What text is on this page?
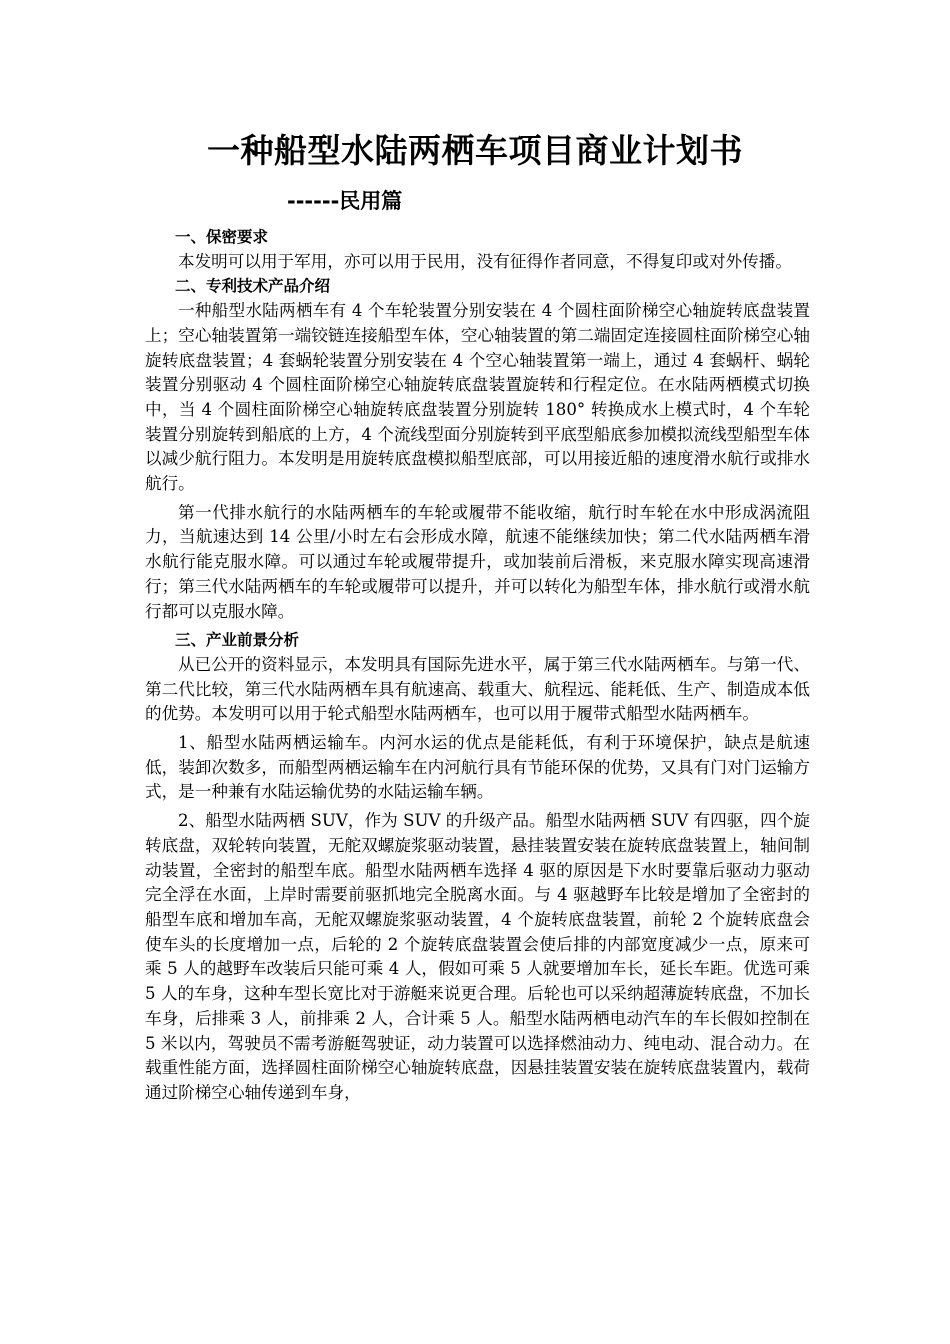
一种船型水陆两栖车项目商业计划书
------民用篇
一、保密要求

本发明可以用于军用，亦可以用于民用，没有征得作者同意，不得复印或对外传播。

二、专利技术产品介绍

一种船型水陆两栖车有 4 个车轮装置分别安装在 4 个圆柱面阶梯空心轴旋转底盘装置上；空心轴装置第一端铰链连接船型车体，空心轴装置的第二端固定连接圆柱面阶梯空心轴旋转底盘装置；4 套蜗轮装置分别安装在 4 个空心轴装置第一端上，通过 4 套蜗杆、蜗轮装置分别驱动 4 个圆柱面阶梯空心轴旋转底盘装置旋转和行程定位。在水陆两栖模式切换中，当 4 个圆柱面阶梯空心轴旋转底盘装置分别旋转 180° 转换成水上模式时，4 个车轮装置分别旋转到船底的上方，4 个流线型面分别旋转到平底型船底参加模拟流线型船型车体以减少航行阻力。本发明是用旋转底盘模拟船型底部，可以用接近船的速度滑水航行或排水航行。

第一代排水航行的水陆两栖车的车轮或履带不能收缩，航行时车轮在水中形成涡流阻力，当航速达到 14 公里/小时左右会形成水障，航速不能继续加快；第二代水陆两栖车滑水航行能克服水障。可以通过车轮或履带提升，或加装前后滑板，来克服水障实现高速滑行；第三代水陆两栖车的车轮或履带可以提升，并可以转化为船型车体，排水航行或滑水航行都可以克服水障。

三、产业前景分析

从已公开的资料显示，本发明具有国际先进水平，属于第三代水陆两栖车。与第一代、第二代比较，第三代水陆两栖车具有航速高、载重大、航程远、能耗低、生产、制造成本低的优势。本发明可以用于轮式船型水陆两栖车，也可以用于履带式船型水陆两栖车。

1、船型水陆两栖运输车。内河水运的优点是能耗低，有利于环境保护，缺点是航速低，装卸次数多，而船型两栖运输车在内河航行具有节能环保的优势，又具有门对门运输方式，是一种兼有水陆运输优势的水陆运输车辆。

2、船型水陆两栖 SUV，作为 SUV 的升级产品。船型水陆两栖 SUV 有四驱，四个旋转底盘，双轮转向装置，无舵双螺旋浆驱动装置，悬挂装置安装在旋转底盘装置上，轴间制动装置，全密封的船型车底。船型水陆两栖车选择 4 驱的原因是下水时要靠后驱动力驱动完全浮在水面，上岸时需要前驱抓地完全脱离水面。与 4 驱越野车比较是增加了全密封的船型车底和增加车高，无舵双螺旋浆驱动装置，4 个旋转底盘装置，前轮 2 个旋转底盘会使车头的长度增加一点，后轮的 2 个旋转底盘装置会使后排的内部宽度减少一点，原来可乘 5 人的越野车改装后只能可乘 4 人，假如可乘 5 人就要增加车长，延长车距。优选可乘 5 人的车身，这种车型长宽比对于游艇来说更合理。后轮也可以采纳超薄旋转底盘，不加长车身，后排乘 3 人，前排乘 2 人，合计乘 5 人。船型水陆两栖电动汽车的车长假如控制在 5 米以内，驾驶员不需考游艇驾驶证，动力装置可以选择燃油动力、纯电动、混合动力。在载重性能方面，选择圆柱面阶梯空心轴旋转底盘，因悬挂装置安装在旋转底盘装置内，载荷通过阶梯空心轴传递到车身，
